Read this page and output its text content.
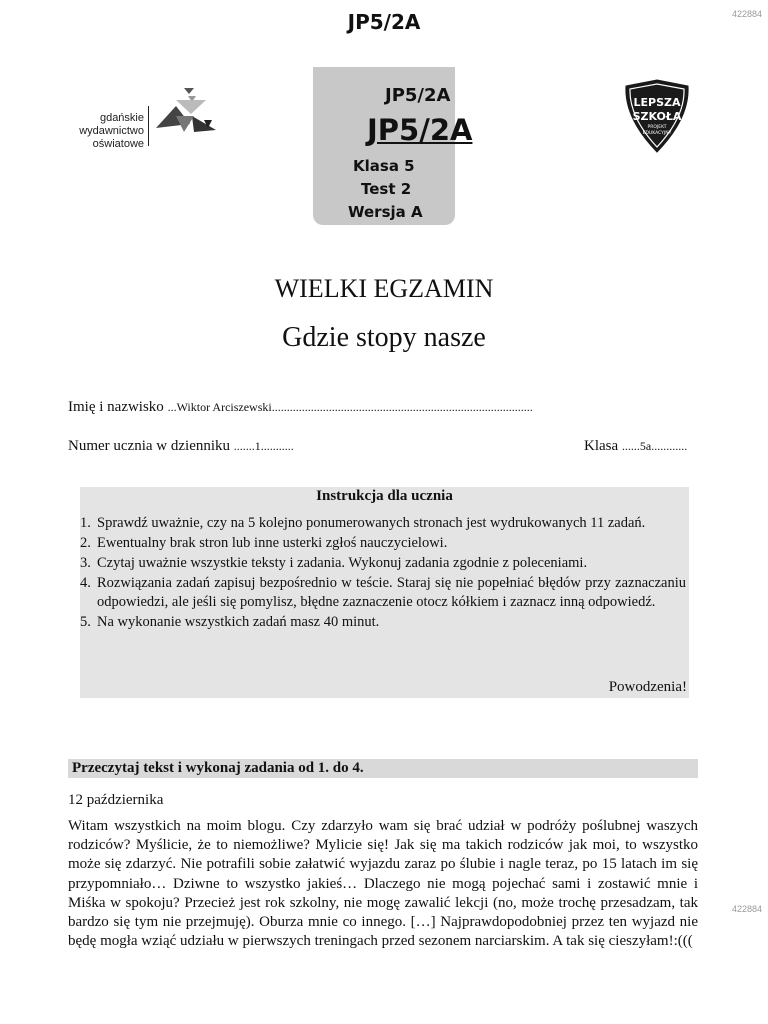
JP5/2A	422884
422884
gdańskie
wydawnictwo
oświatowe
LEPSZA
SZKOŁA
PROJEKT
EDUKACYJNY
JP5/2A
JP5/2A
Klasa 5
Test 2
Wersja A
WIELKI EGZAMIN
Gdzie stopy nasze
Imię i nazwisko ...Wiktor Arciszewski.......................................................................................
Numer ucznia w dzienniku .......1...........	Klasa ......5a............
Instrukcja dla ucznia
1. Sprawdź uważnie, czy na 5 kolejno ponumerowanych stronach jest wydrukowanych 11 zadań.
2. Ewentualny brak stron lub inne usterki zgłoś nauczycielowi.
3. Czytaj uważnie wszystkie teksty i zadania. Wykonuj zadania zgodnie z poleceniami.
4. Rozwiązania zadań zapisuj bezpośrednio w teście. Staraj się nie popełniać błędów przy zaznaczaniu odpowiedzi, ale jeśli się pomylisz, błędne zaznaczenie otocz kółkiem i zaznacz inną odpowiedź.
5. Na wykonanie wszystkich zadań masz 40 minut.
Powodzenia!
Przeczytaj tekst i wykonaj zadania od 1. do 4.
12 października
Witam wszystkich na moim blogu. Czy zdarzyło wam się brać udział w podróży poślubnej waszych rodziców? Myślicie, że to niemożliwe? Mylicie się! Jak się ma takich rodziców jak moi, to wszystko może się zdarzyć. Nie potrafili sobie załatwić wyjazdu zaraz po ślubie i nagle teraz, po 15 latach im się przypomniało… Dziwne to wszystko jakieś… Dlaczego nie mogą pojechać sami i zostawić mnie i Miśka w spokoju? Przecież jest rok szkolny, nie mogę zawalić lekcji (no, może trochę przesadzam, tak bardzo się tym nie przejmuję). Oburza mnie co innego. […] Najprawdopodobniej przez ten wyjazd nie będę mogła wziąć udziału w pierwszych treningach przed sezonem narciarskim. A tak się cieszyłam!:(((
